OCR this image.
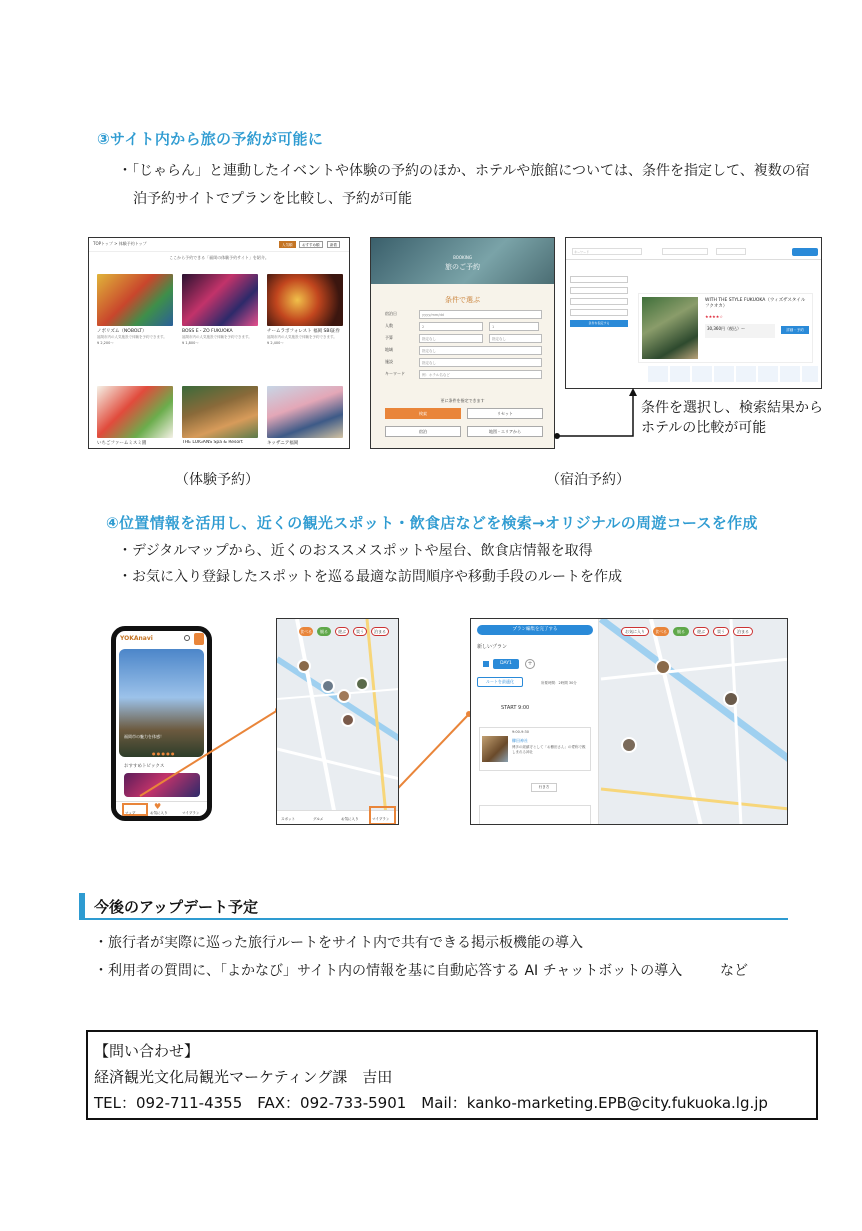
③サイト内から旅の予約が可能に
・「じゃらん」と連動したイベントや体験の予約のほか、ホテルや旅館については、条件を指定して、複数の宿
泊予約サイトでプランを比較し、予約が可能
TOPトップ > 体験予約トップ	人気順	おすすめ順	新着
ここから予約できる「福岡の体験予約サイト」を紹介。
ノボリズム（NOBOLT）
福岡市内の人気施設で体験を予約できます。
¥ 2,200〜
BOSS E・ZO FUKUOKA
福岡市内の人気施設で体験を予約できます。
¥ 1,800〜
チームラボフォレスト 福岡 SBI証券
福岡市内の人気施設で体験を予約できます。
¥ 2,400〜
いちごファームミスミ園	THE LUIGANS Spa & Resort	キッザニア福岡
BOOKING
旅のご予約
条件で選ぶ
宿泊日	yyyy/mm/dd
人数	2	1
予算	指定なし	指定なし
地域	指定なし
施設	指定なし
キーワード	例：ホテル名など
更に条件を指定できます
検索	リセット
宿泊	地図・エリアから
キーワード
条件を指定する
WITH THE STYLE FUKUOKA（ウィズザスタイルフクオカ）
★★★★☆
30,360円（税込）〜	詳細・予約
条件を選択し、検索結果から
ホテルの比較が可能
（体験予約）	（宿泊予約）
④位置情報を活用し、近くの観光スポット・飲食店などを検索→オリジナルの周遊コースを作成
・デジタルマップから、近くのおススメスポットや屋台、飲食店情報を取得
・お気に入り登録したスポットを巡る最適な訪問順序や移動手段のルートを作成
YOKAnavi
福岡市の魅力を体感！
● ● ● ● ●
おすすめトピックス
マップ
♥
お気に入り	マイプラン
食べる	観る	遊ぶ	買う	泊まる
スポット	グルメ	お気に入り	マイプラン
プラン編集を完了する
新しいプラン
DAY1	+
ルートを最適化	所要時間：2時間 30分
START 9:00
9:00-9:30
櫛田神社
博多の総鎮守として「お櫛田さん」の愛称で親しまれる神社
行き方
お気に入り	食べる	観る	遊ぶ	買う	泊まる
今後のアップデート予定
・旅行者が実際に巡った旅行ルートをサイト内で共有できる掲示板機能の導入
・利用者の質問に、「よかなび」サイト内の情報を基に自動応答する AI チャットボットの導入	など
【問い合わせ】
経済観光文化局観光マーケティング課　吉田
TEL：092-711-4355　FAX：092-733-5901　Mail：kanko-marketing.EPB@city.fukuoka.lg.jp
